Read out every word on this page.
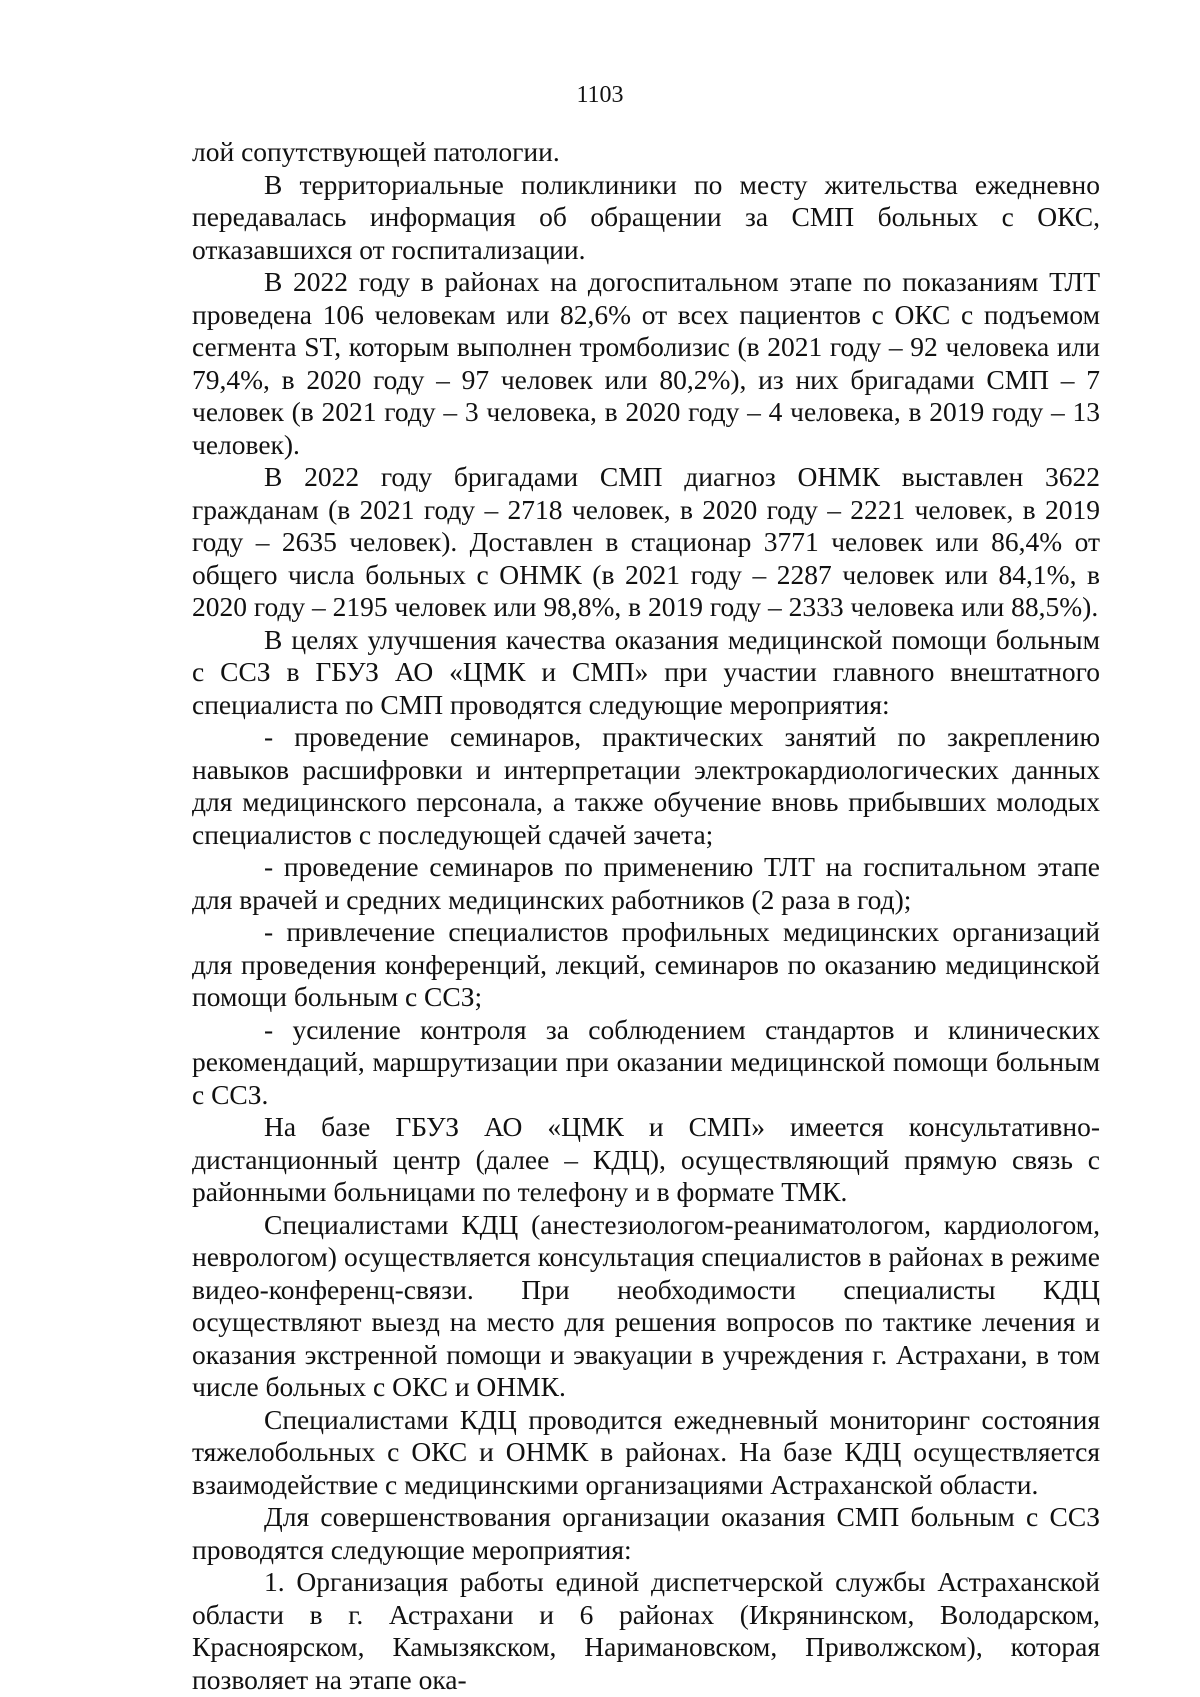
1103

лой сопутствующей патологии.

В территориальные поликлиники по месту жительства ежедневно передавалась информация об обращении за СМП больных с ОКС, отказавшихся от госпитализации.

В 2022 году в районах на догоспитальном этапе по показаниям ТЛТ проведена 106 человекам или 82,6% от всех пациентов с ОКС с подъемом сегмента ST, которым выполнен тромболизис (в 2021 году – 92 человека или 79,4%, в 2020 году – 97 человек или 80,2%), из них бригадами СМП – 7 человек (в 2021 году – 3 человека, в 2020 году – 4 человека, в 2019 году – 13 человек).

В 2022 году бригадами СМП диагноз ОНМК выставлен 3622 гражданам (в 2021 году – 2718 человек, в 2020 году – 2221 человек, в 2019 году – 2635 человек). Доставлен в стационар 3771 человек или 86,4% от общего числа больных с ОНМК (в 2021 году – 2287 человек или 84,1%, в 2020 году – 2195 человек или 98,8%, в 2019 году – 2333 человека или 88,5%).

В целях улучшения качества оказания медицинской помощи больным с ССЗ в ГБУЗ АО «ЦМК и СМП» при участии главного внештатного специалиста по СМП проводятся следующие мероприятия:

- проведение семинаров, практических занятий по закреплению навыков расшифровки и интерпретации электрокардиологических данных для медицинского персонала, а также обучение вновь прибывших молодых специалистов с последующей сдачей зачета;

- проведение семинаров по применению ТЛТ на госпитальном этапе для врачей и средних медицинских работников (2 раза в год);

- привлечение специалистов профильных медицинских организаций для проведения конференций, лекций, семинаров по оказанию медицинской помощи больным с ССЗ;

- усиление контроля за соблюдением стандартов и клинических рекомендаций, маршрутизации при оказании медицинской помощи больным с ССЗ.

На базе ГБУЗ АО «ЦМК и СМП» имеется консультативно-дистанционный центр (далее – КДЦ), осуществляющий прямую связь с районными больницами по телефону и в формате ТМК.

Специалистами КДЦ (анестезиологом-реаниматологом, кардиологом, неврологом) осуществляется консультация специалистов в районах в режиме видео-конференц-связи. При необходимости специалисты КДЦ осуществляют выезд на место для решения вопросов по тактике лечения и оказания экстренной помощи и эвакуации в учреждения г. Астрахани, в том числе больных с ОКС и ОНМК.

Специалистами КДЦ проводится ежедневный мониторинг состояния тяжелобольных с ОКС и ОНМК в районах. На базе КДЦ осуществляется взаимодействие с медицинскими организациями Астраханской области.

Для совершенствования организации оказания СМП больным с ССЗ проводятся следующие мероприятия:

1. Организация работы единой диспетчерской службы Астраханской области в г. Астрахани и 6 районах (Икрянинском, Володарском, Красноярском, Камызякском, Наримановском, Приволжском), которая позволяет на этапе ока-
